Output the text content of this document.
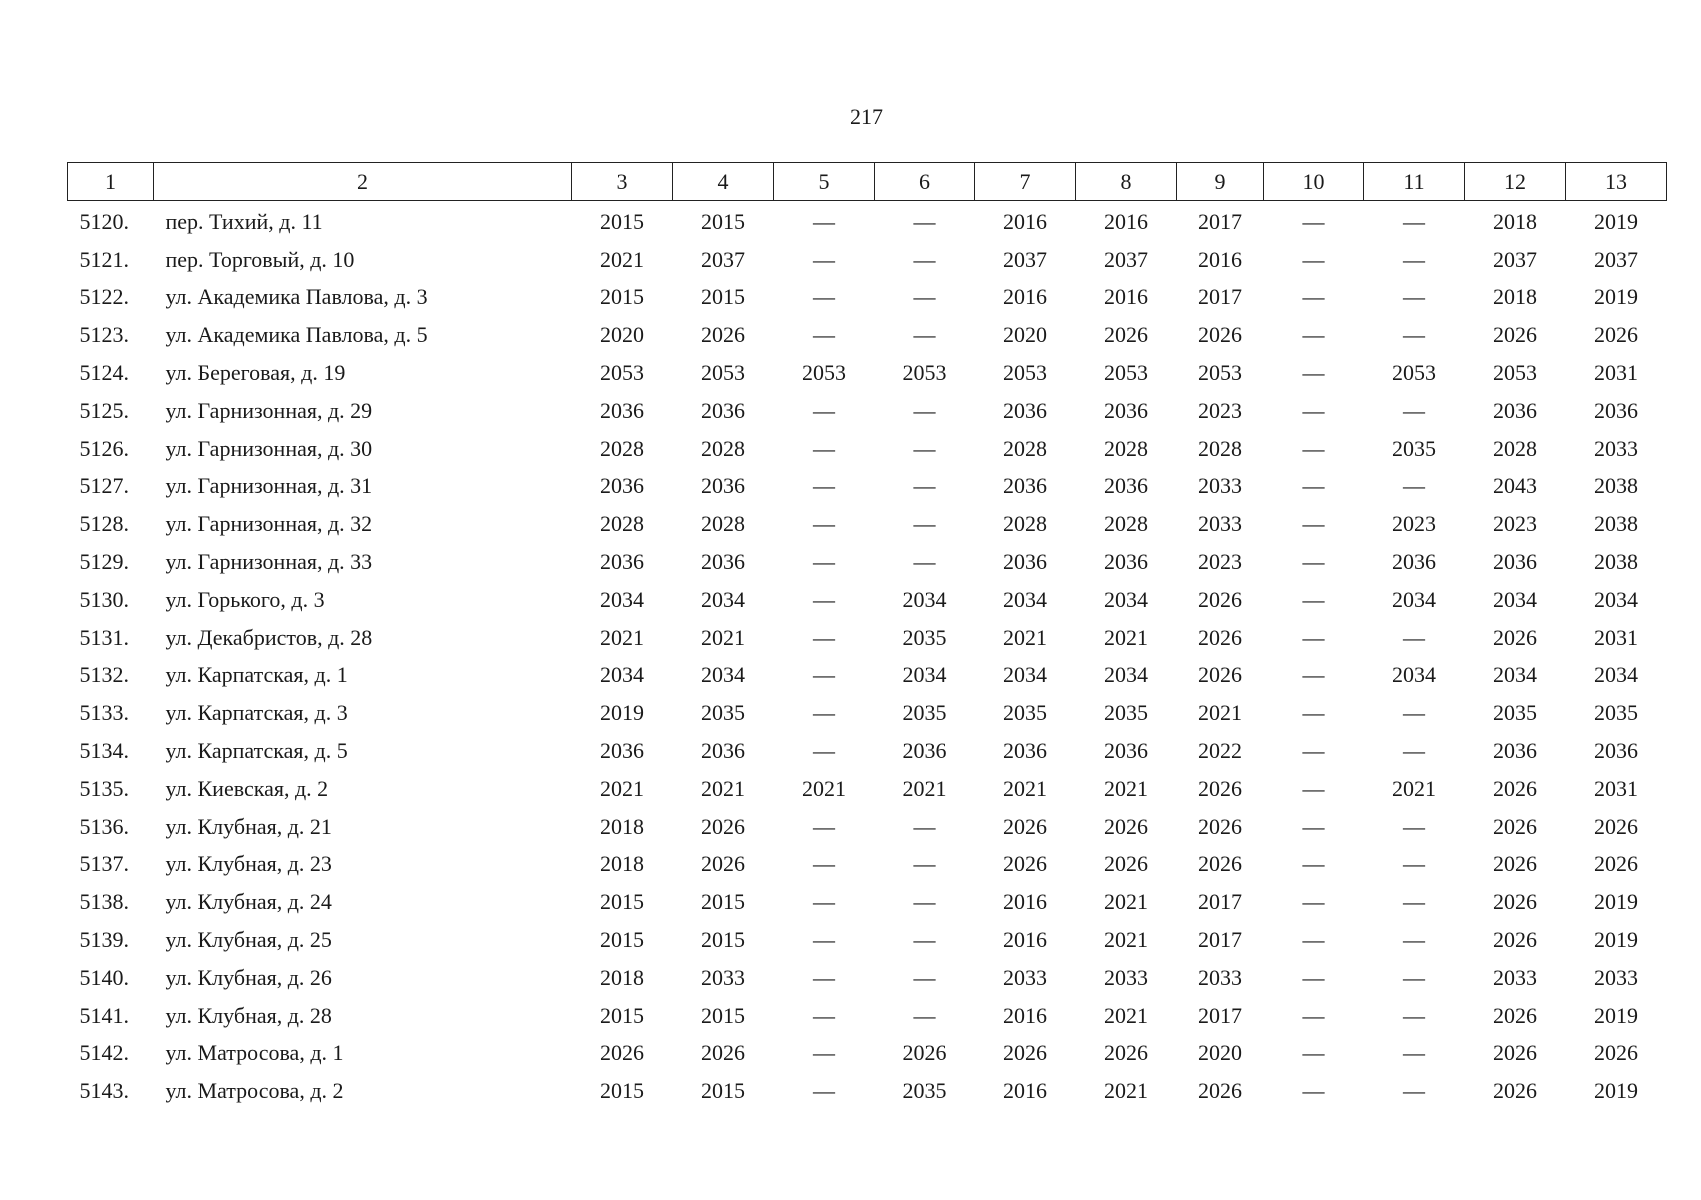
217
1	2	3	4	5	6	7	8	9	10	11	12	13
5120.	пер. Тихий, д. 11	2015	2015	—	—	2016	2016	2017	—	—	2018	2019
5121.	пер. Торговый, д. 10	2021	2037	—	—	2037	2037	2016	—	—	2037	2037
5122.	ул. Академика Павлова, д. 3	2015	2015	—	—	2016	2016	2017	—	—	2018	2019
5123.	ул. Академика Павлова, д. 5	2020	2026	—	—	2020	2026	2026	—	—	2026	2026
5124.	ул. Береговая, д. 19	2053	2053	2053	2053	2053	2053	2053	—	2053	2053	2031
5125.	ул. Гарнизонная, д. 29	2036	2036	—	—	2036	2036	2023	—	—	2036	2036
5126.	ул. Гарнизонная, д. 30	2028	2028	—	—	2028	2028	2028	—	2035	2028	2033
5127.	ул. Гарнизонная, д. 31	2036	2036	—	—	2036	2036	2033	—	—	2043	2038
5128.	ул. Гарнизонная, д. 32	2028	2028	—	—	2028	2028	2033	—	2023	2023	2038
5129.	ул. Гарнизонная, д. 33	2036	2036	—	—	2036	2036	2023	—	2036	2036	2038
5130.	ул. Горького, д. 3	2034	2034	—	2034	2034	2034	2026	—	2034	2034	2034
5131.	ул. Декабристов, д. 28	2021	2021	—	2035	2021	2021	2026	—	—	2026	2031
5132.	ул. Карпатская, д. 1	2034	2034	—	2034	2034	2034	2026	—	2034	2034	2034
5133.	ул. Карпатская, д. 3	2019	2035	—	2035	2035	2035	2021	—	—	2035	2035
5134.	ул. Карпатская, д. 5	2036	2036	—	2036	2036	2036	2022	—	—	2036	2036
5135.	ул. Киевская, д. 2	2021	2021	2021	2021	2021	2021	2026	—	2021	2026	2031
5136.	ул. Клубная, д. 21	2018	2026	—	—	2026	2026	2026	—	—	2026	2026
5137.	ул. Клубная, д. 23	2018	2026	—	—	2026	2026	2026	—	—	2026	2026
5138.	ул. Клубная, д. 24	2015	2015	—	—	2016	2021	2017	—	—	2026	2019
5139.	ул. Клубная, д. 25	2015	2015	—	—	2016	2021	2017	—	—	2026	2019
5140.	ул. Клубная, д. 26	2018	2033	—	—	2033	2033	2033	—	—	2033	2033
5141.	ул. Клубная, д. 28	2015	2015	—	—	2016	2021	2017	—	—	2026	2019
5142.	ул. Матросова, д. 1	2026	2026	—	2026	2026	2026	2020	—	—	2026	2026
5143.	ул. Матросова, д. 2	2015	2015	—	2035	2016	2021	2026	—	—	2026	2019
